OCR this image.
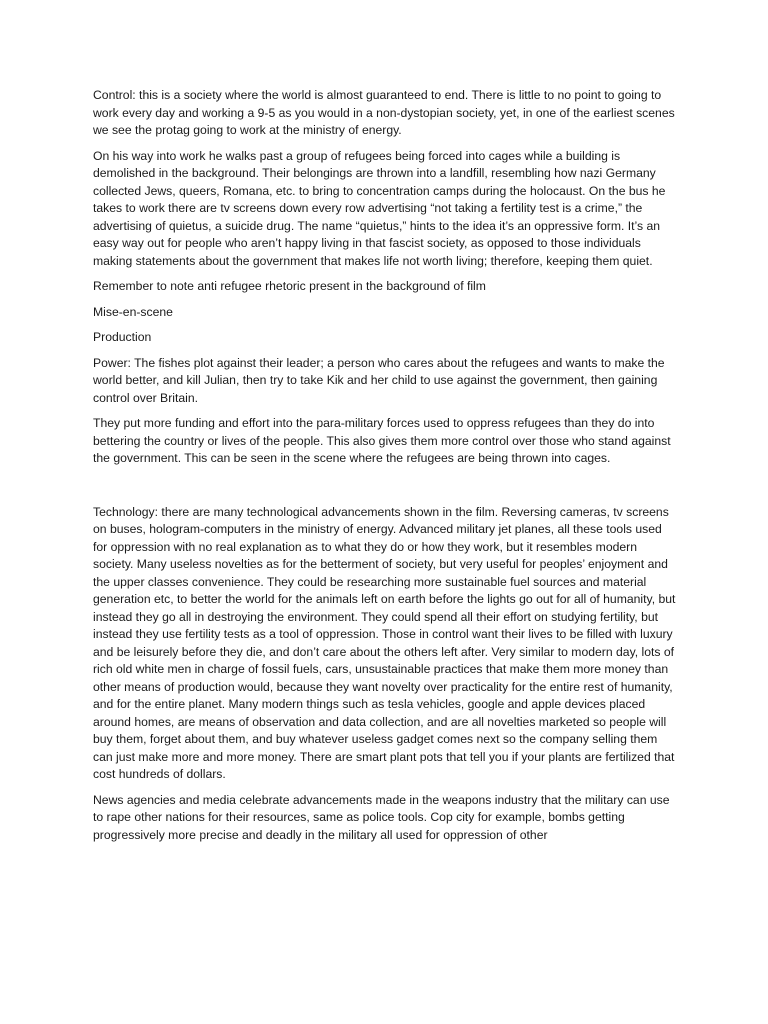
Control: this is a society where the world is almost guaranteed to end. There is little to no point to going to work every day and working a 9-5 as you would in a non-dystopian society, yet, in one of the earliest scenes we see the protag going to work at the ministry of energy.

On his way into work he walks past a group of refugees being forced into cages while a building is demolished in the background. Their belongings are thrown into a landfill, resembling how nazi Germany collected Jews, queers, Romana, etc. to bring to concentration camps during the holocaust. On the bus he takes to work there are tv screens down every row advertising “not taking a fertility test is a crime,” the advertising of quietus, a suicide drug. The name “quietus,” hints to the idea it’s an oppressive form. It’s an easy way out for people who aren’t happy living in that fascist society, as opposed to those individuals making statements about the government that makes life not worth living; therefore, keeping them quiet.

Remember to note anti refugee rhetoric present in the background of film

Mise-en-scene

Production

Power: The fishes plot against their leader; a person who cares about the refugees and wants to make the world better, and kill Julian, then try to take Kik and her child to use against the government, then gaining control over Britain.

They put more funding and effort into the para-military forces used to oppress refugees than they do into bettering the country or lives of the people. This also gives them more control over those who stand against the government. This can be seen in the scene where the refugees are being thrown into cages.

Technology: there are many technological advancements shown in the film. Reversing cameras, tv screens on buses, hologram-computers in the ministry of energy. Advanced military jet planes, all these tools used for oppression with no real explanation as to what they do or how they work, but it resembles modern society. Many useless novelties as for the betterment of society, but very useful for peoples’ enjoyment and the upper classes convenience. They could be researching more sustainable fuel sources and material generation etc, to better the world for the animals left on earth before the lights go out for all of humanity, but instead they go all in destroying the environment. They could spend all their effort on studying fertility, but instead they use fertility tests as a tool of oppression. Those in control want their lives to be filled with luxury and be leisurely before they die, and don’t care about the others left after. Very similar to modern day, lots of rich old white men in charge of fossil fuels, cars, unsustainable practices that make them more money than other means of production would, because they want novelty over practicality for the entire rest of humanity, and for the entire planet. Many modern things such as tesla vehicles, google and apple devices placed around homes, are means of observation and data collection, and are all novelties marketed so people will buy them, forget about them, and buy whatever useless gadget comes next so the company selling them can just make more and more money. There are smart plant pots that tell you if your plants are fertilized that cost hundreds of dollars.

News agencies and media celebrate advancements made in the weapons industry that the military can use to rape other nations for their resources, same as police tools. Cop city for example, bombs getting progressively more precise and deadly in the military all used for oppression of other
